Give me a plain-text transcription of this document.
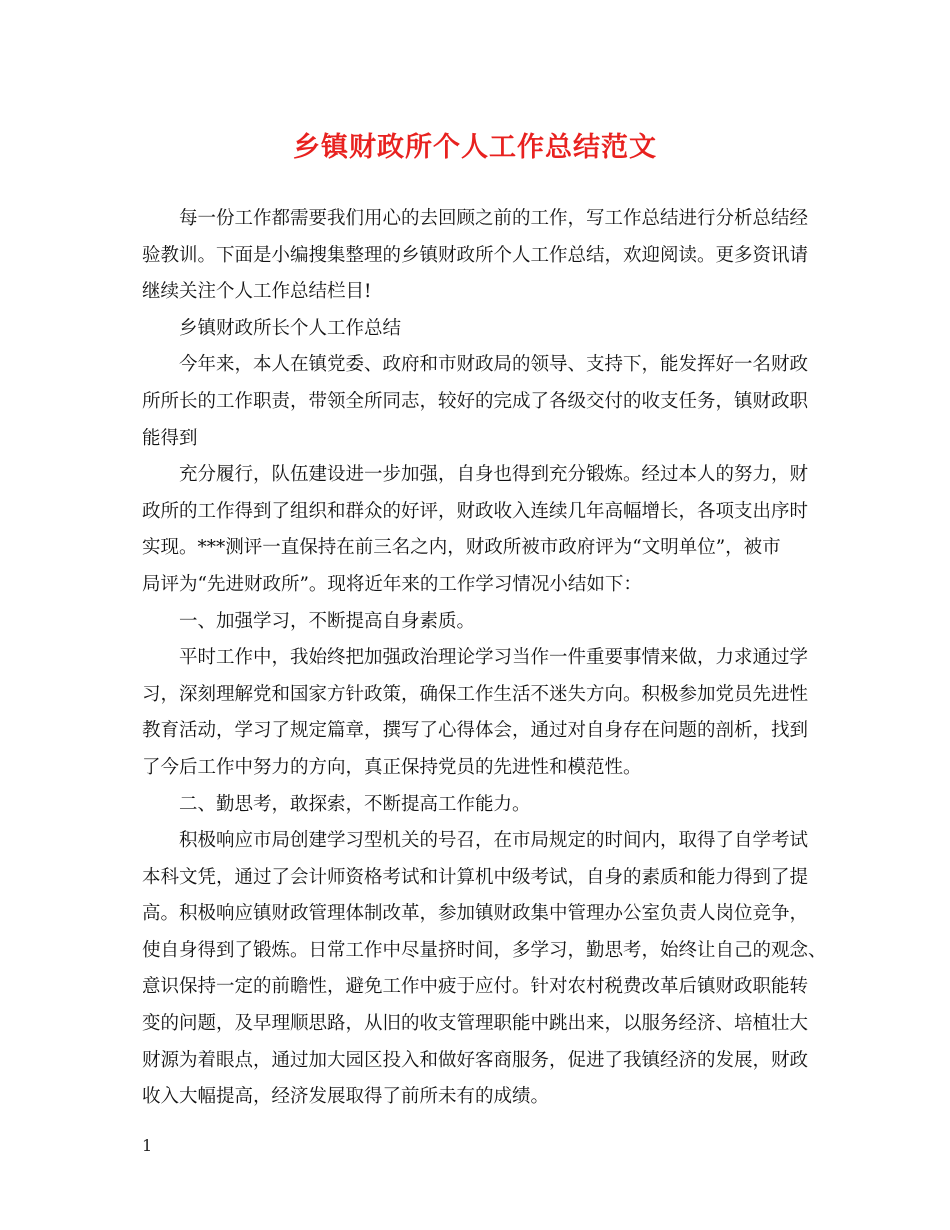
乡镇财政所个人工作总结范文
每一份工作都需要我们用心的去回顾之前的工作，写工作总结进行分析总结经
验教训。下面是小编搜集整理的乡镇财政所个人工作总结，欢迎阅读。更多资讯请
继续关注个人工作总结栏目!
乡镇财政所长个人工作总结
今年来，本人在镇党委、政府和市财政局的领导、支持下，能发挥好一名财政
所所长的工作职责，带领全所同志，较好的完成了各级交付的收支任务，镇财政职
能得到
充分履行，队伍建设进一步加强，自身也得到充分锻炼。经过本人的努力，财
政所的工作得到了组织和群众的好评，财政收入连续几年高幅增长，各项支出序时
实现。***测评一直保持在前三名之内，财政所被市政府评为“文明单位”，被市
局评为“先进财政所”。现将近年来的工作学习情况小结如下：
一、加强学习，不断提高自身素质。
平时工作中，我始终把加强政治理论学习当作一件重要事情来做，力求通过学
习，深刻理解党和国家方针政策，确保工作生活不迷失方向。积极参加党员先进性
教育活动，学习了规定篇章，撰写了心得体会，通过对自身存在问题的剖析，找到
了今后工作中努力的方向，真正保持党员的先进性和模范性。
二、勤思考，敢探索，不断提高工作能力。
积极响应市局创建学习型机关的号召，在市局规定的时间内，取得了自学考试
本科文凭，通过了会计师资格考试和计算机中级考试，自身的素质和能力得到了提
高。积极响应镇财政管理体制改革，参加镇财政集中管理办公室负责人岗位竞争，
使自身得到了锻炼。日常工作中尽量挤时间，多学习，勤思考，始终让自己的观念、
意识保持一定的前瞻性，避免工作中疲于应付。针对农村税费改革后镇财政职能转
变的问题，及早理顺思路，从旧的收支管理职能中跳出来，以服务经济、培植壮大
财源为着眼点，通过加大园区投入和做好客商服务，促进了我镇经济的发展，财政
收入大幅提高，经济发展取得了前所未有的成绩。
1
